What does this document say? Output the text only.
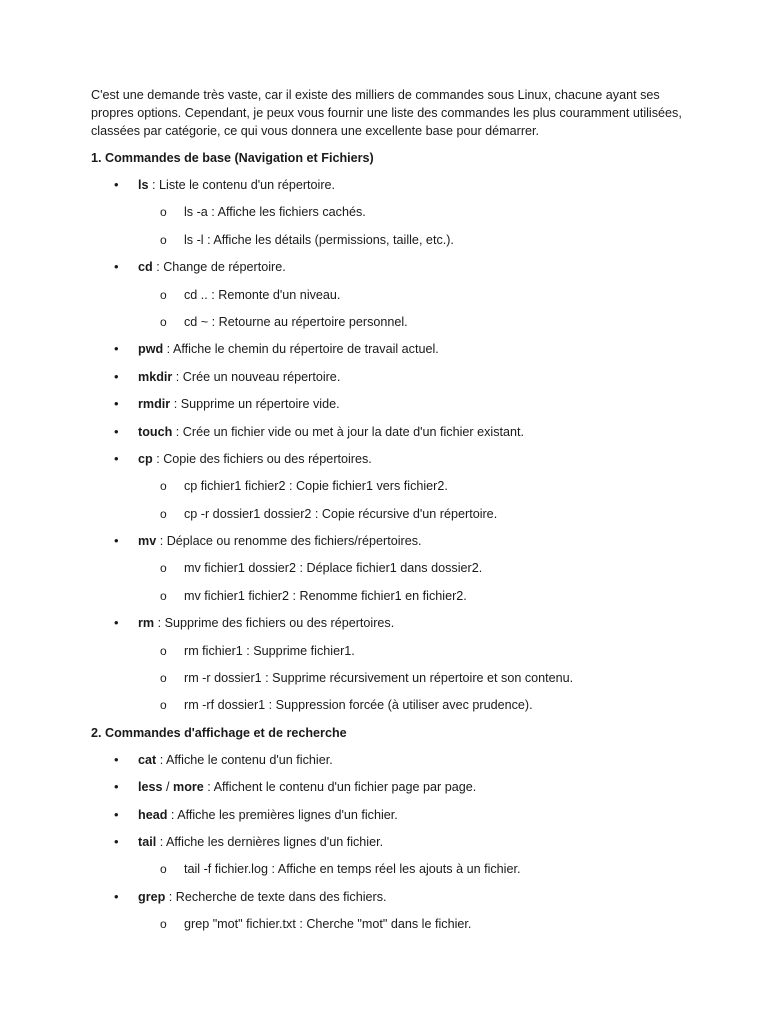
C'est une demande très vaste, car il existe des milliers de commandes sous Linux, chacune ayant ses propres options. Cependant, je peux vous fournir une liste des commandes les plus couramment utilisées, classées par catégorie, ce qui vous donnera une excellente base pour démarrer.

1. Commandes de base (Navigation et Fichiers)
• ls : Liste le contenu d'un répertoire.
o ls -a : Affiche les fichiers cachés.
o ls -l : Affiche les détails (permissions, taille, etc.).
• cd : Change de répertoire.
o cd .. : Remonte d'un niveau.
o cd ~ : Retourne au répertoire personnel.
• pwd : Affiche le chemin du répertoire de travail actuel.
• mkdir : Crée un nouveau répertoire.
• rmdir : Supprime un répertoire vide.
• touch : Crée un fichier vide ou met à jour la date d'un fichier existant.
• cp : Copie des fichiers ou des répertoires.
o cp fichier1 fichier2 : Copie fichier1 vers fichier2.
o cp -r dossier1 dossier2 : Copie récursive d'un répertoire.
• mv : Déplace ou renomme des fichiers/répertoires.
o mv fichier1 dossier2 : Déplace fichier1 dans dossier2.
o mv fichier1 fichier2 : Renomme fichier1 en fichier2.
• rm : Supprime des fichiers ou des répertoires.
o rm fichier1 : Supprime fichier1.
o rm -r dossier1 : Supprime récursivement un répertoire et son contenu.
o rm -rf dossier1 : Suppression forcée (à utiliser avec prudence).
2. Commandes d'affichage et de recherche
• cat : Affiche le contenu d'un fichier.
• less / more : Affichent le contenu d'un fichier page par page.
• head : Affiche les premières lignes d'un fichier.
• tail : Affiche les dernières lignes d'un fichier.
o tail -f fichier.log : Affiche en temps réel les ajouts à un fichier.
• grep : Recherche de texte dans des fichiers.
o grep "mot" fichier.txt : Cherche "mot" dans le fichier.
